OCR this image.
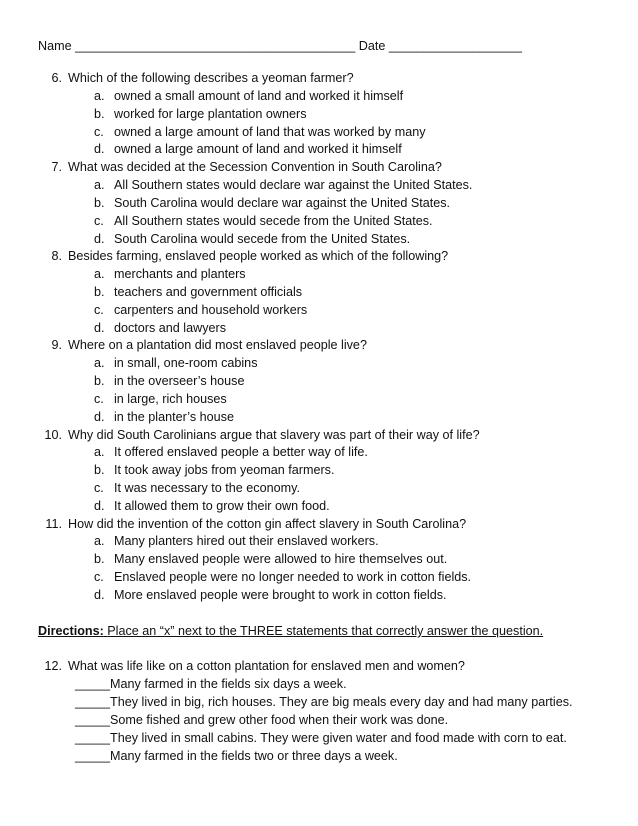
Name ________________________________________ Date ___________________
6. Which of the following describes a yeoman farmer?
a. owned a small amount of land and worked it himself
b. worked for large plantation owners
c. owned a large amount of land that was worked by many
d. owned a large amount of land and worked it himself
7. What was decided at the Secession Convention in South Carolina?
a. All Southern states would declare war against the United States.
b. South Carolina would declare war against the United States.
c. All Southern states would secede from the United States.
d. South Carolina would secede from the United States.
8. Besides farming, enslaved people worked as which of the following?
a. merchants and planters
b. teachers and government officials
c. carpenters and household workers
d. doctors and lawyers
9. Where on a plantation did most enslaved people live?
a. in small, one-room cabins
b. in the overseer’s house
c. in large, rich houses
d. in the planter’s house
10. Why did South Carolinians argue that slavery was part of their way of life?
a. It offered enslaved people a better way of life.
b. It took away jobs from yeoman farmers.
c. It was necessary to the economy.
d. It allowed them to grow their own food.
11. How did the invention of the cotton gin affect slavery in South Carolina?
a. Many planters hired out their enslaved workers.
b. Many enslaved people were allowed to hire themselves out.
c. Enslaved people were no longer needed to work in cotton fields.
d. More enslaved people were brought to work in cotton fields.
Directions: Place an “x” next to the THREE statements that correctly answer the question.
12. What was life like on a cotton plantation for enslaved men and women?
_____Many farmed in the fields six days a week.
_____They lived in big, rich houses. They are big meals every day and had many parties.
_____Some fished and grew other food when their work was done.
_____They lived in small cabins. They were given water and food made with corn to eat.
_____Many farmed in the fields two or three days a week.
